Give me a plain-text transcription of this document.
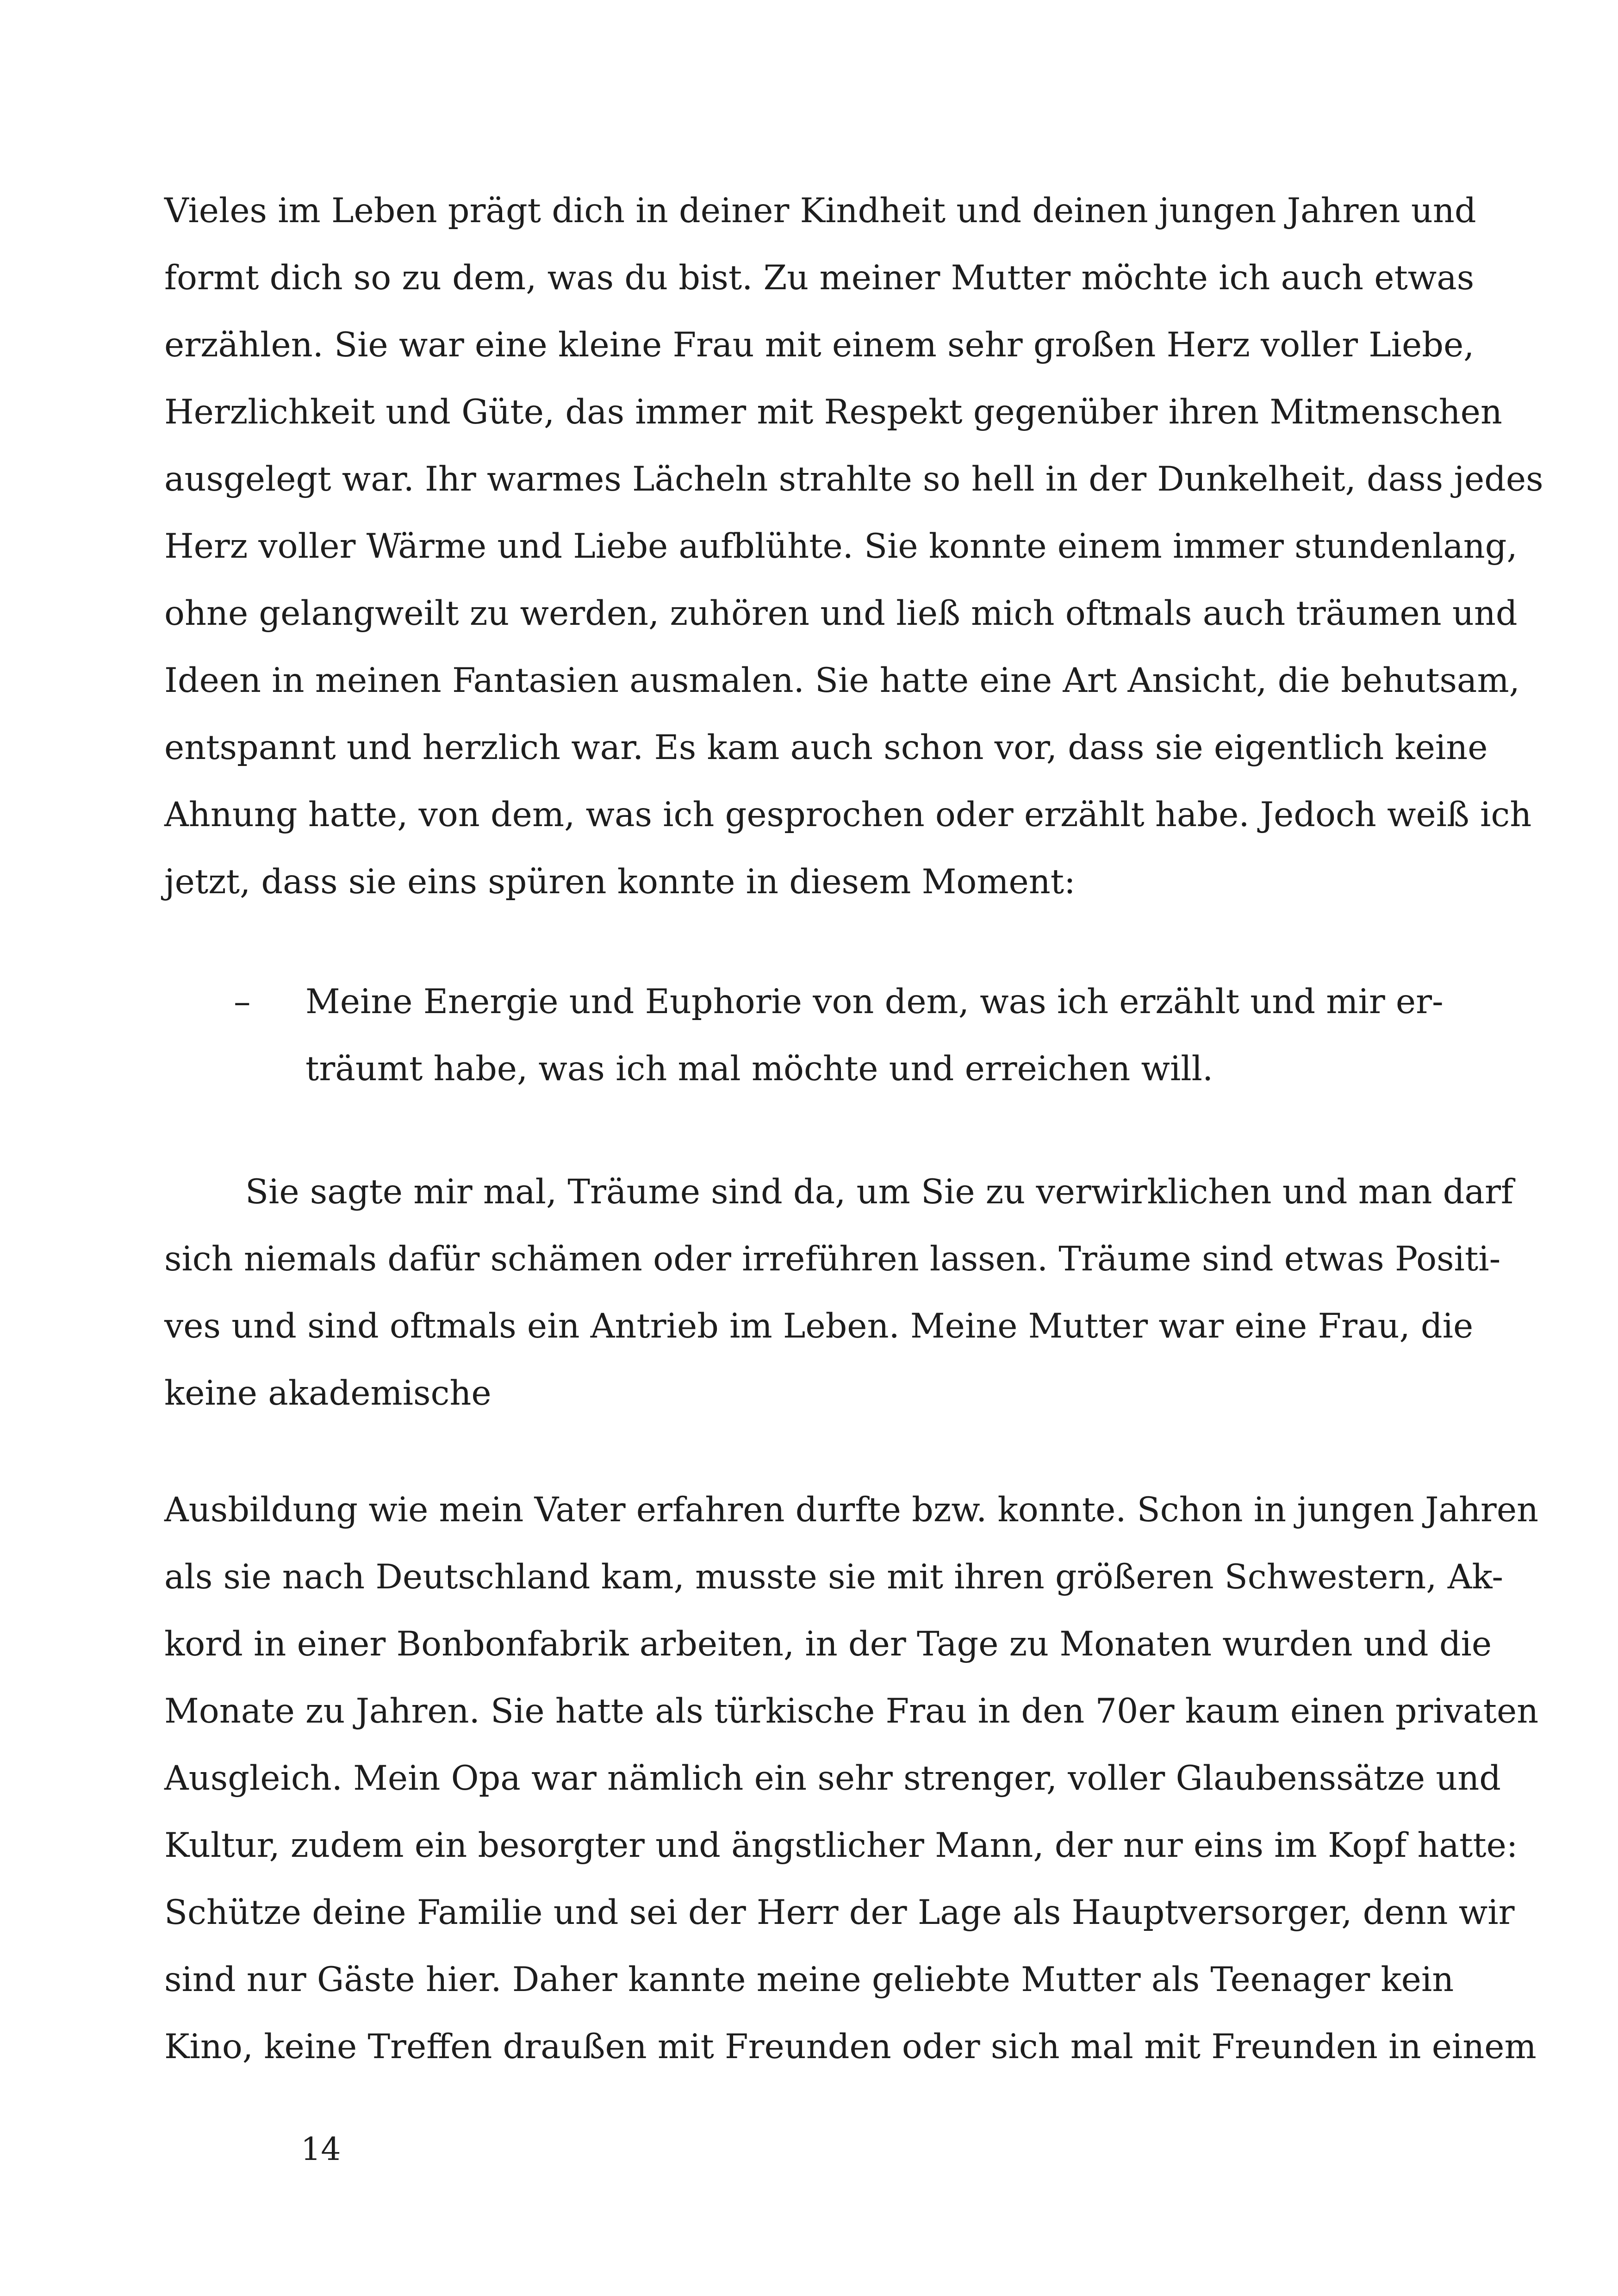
Vieles im Leben prägt dich in deiner Kindheit und deinen jungen Jahren und
formt dich so zu dem, was du bist. Zu meiner Mutter möchte ich auch etwas
erzählen. Sie war eine kleine Frau mit einem sehr großen Herz voller Liebe,
Herzlichkeit und Güte, das immer mit Respekt gegenüber ihren Mitmenschen
ausgelegt war. Ihr warmes Lächeln strahlte so hell in der Dunkelheit, dass jedes
Herz voller Wärme und Liebe aufblühte. Sie konnte einem immer stundenlang,
ohne gelangweilt zu werden, zuhören und ließ mich oftmals auch träumen und
Ideen in meinen Fantasien ausmalen. Sie hatte eine Art Ansicht, die behutsam,
entspannt und herzlich war. Es kam auch schon vor, dass sie eigentlich keine
Ahnung hatte, von dem, was ich gesprochen oder erzählt habe. Jedoch weiß ich
jetzt, dass sie eins spüren konnte in diesem Moment:
– Meine Energie und Euphorie von dem, was ich erzählt und mir er-
träumt habe, was ich mal möchte und erreichen will.
Sie sagte mir mal, Träume sind da, um Sie zu verwirklichen und man darf
sich niemals dafür schämen oder irreführen lassen. Träume sind etwas Positi-
ves und sind oftmals ein Antrieb im Leben. Meine Mutter war eine Frau, die
keine akademische
Ausbildung wie mein Vater erfahren durfte bzw. konnte. Schon in jungen Jahren
als sie nach Deutschland kam, musste sie mit ihren größeren Schwestern, Ak-
kord in einer Bonbonfabrik arbeiten, in der Tage zu Monaten wurden und die
Monate zu Jahren. Sie hatte als türkische Frau in den 70er kaum einen privaten
Ausgleich. Mein Opa war nämlich ein sehr strenger, voller Glaubenssätze und
Kultur, zudem ein besorgter und ängstlicher Mann, der nur eins im Kopf hatte:
Schütze deine Familie und sei der Herr der Lage als Hauptversorger, denn wir
sind nur Gäste hier. Daher kannte meine geliebte Mutter als Teenager kein
Kino, keine Treffen draußen mit Freunden oder sich mal mit Freunden in einem
14
